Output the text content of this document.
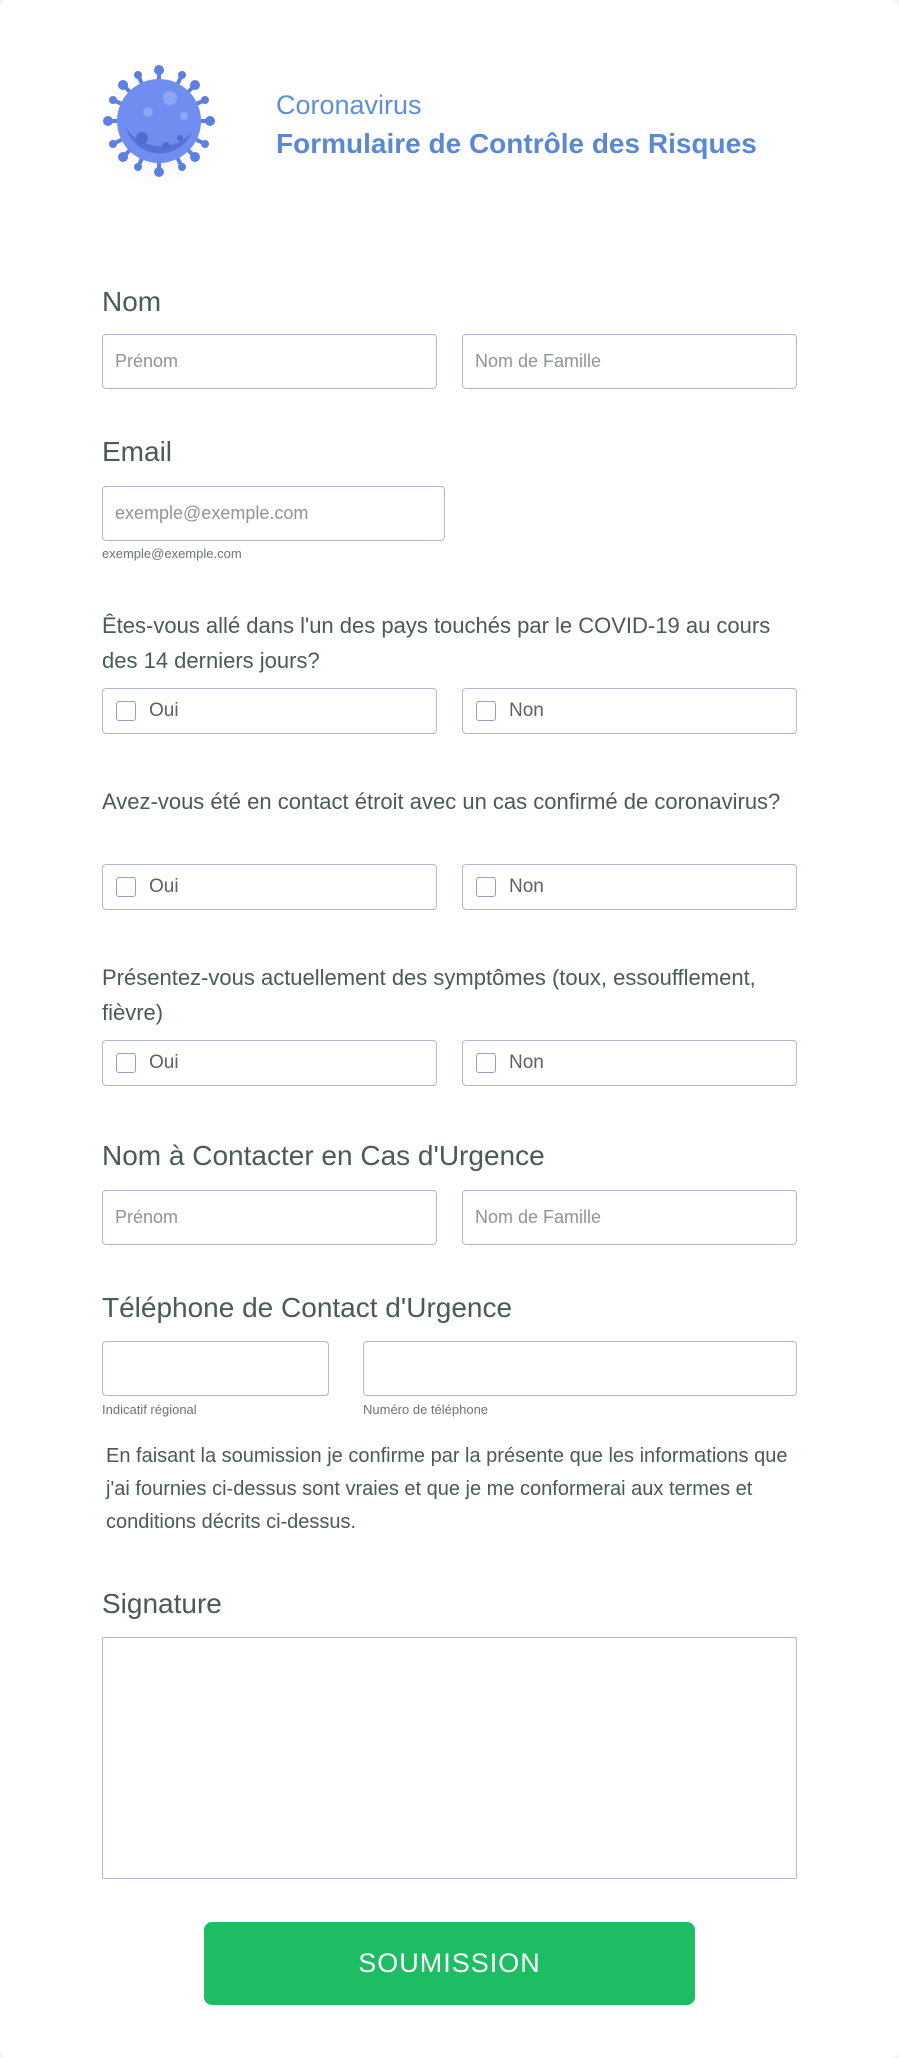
Coronavirus
Formulaire de Contrôle des Risques
Nom
Prénom
Nom de Famille
Email
exemple@exemple.com
exemple@exemple.com
Êtes-vous allé dans l'un des pays touchés par le COVID-19 au cours des 14 derniers jours?
Oui	Non
Avez-vous été en contact étroit avec un cas confirmé de coronavirus?
Oui	Non
Présentez-vous actuellement des symptômes (toux, essoufflement, fièvre)
Oui	Non
Nom à Contacter en Cas d'Urgence
Prénom
Nom de Famille
Téléphone de Contact d'Urgence
Indicatif régional	Numéro de téléphone
En faisant la soumission je confirme par la présente que les informations que j'ai fournies ci-dessus sont vraies et que je me conformerai aux termes et conditions décrits ci-dessus.
Signature
SOUMISSION
